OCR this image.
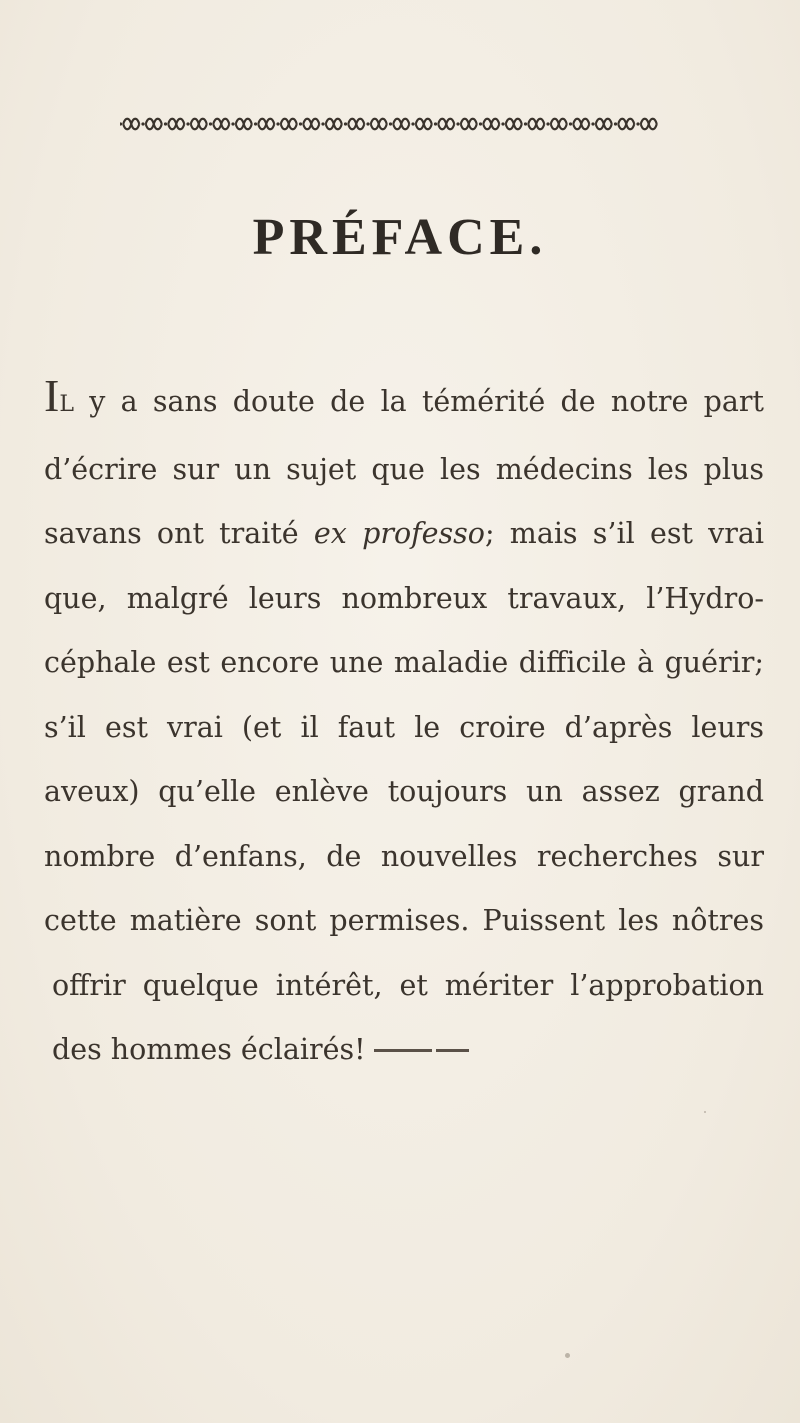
PRÉFACE.
IL y a sans doute de la témérité de notre part
d’écrire sur un sujet que les médecins les plus
savans ont traité ex professo; mais s’il est vrai
que, malgré leurs nombreux travaux, l’Hydro-
céphale est encore une maladie difficile à guérir;
s’il est vrai (et il faut le croire d’après leurs
aveux) qu’elle enlève toujours un assez grand
nombre d’enfans, de nouvelles recherches sur
cette matière sont permises. Puissent les nôtres
offrir quelque intérêt, et mériter l’approbation
des hommes éclairés!
